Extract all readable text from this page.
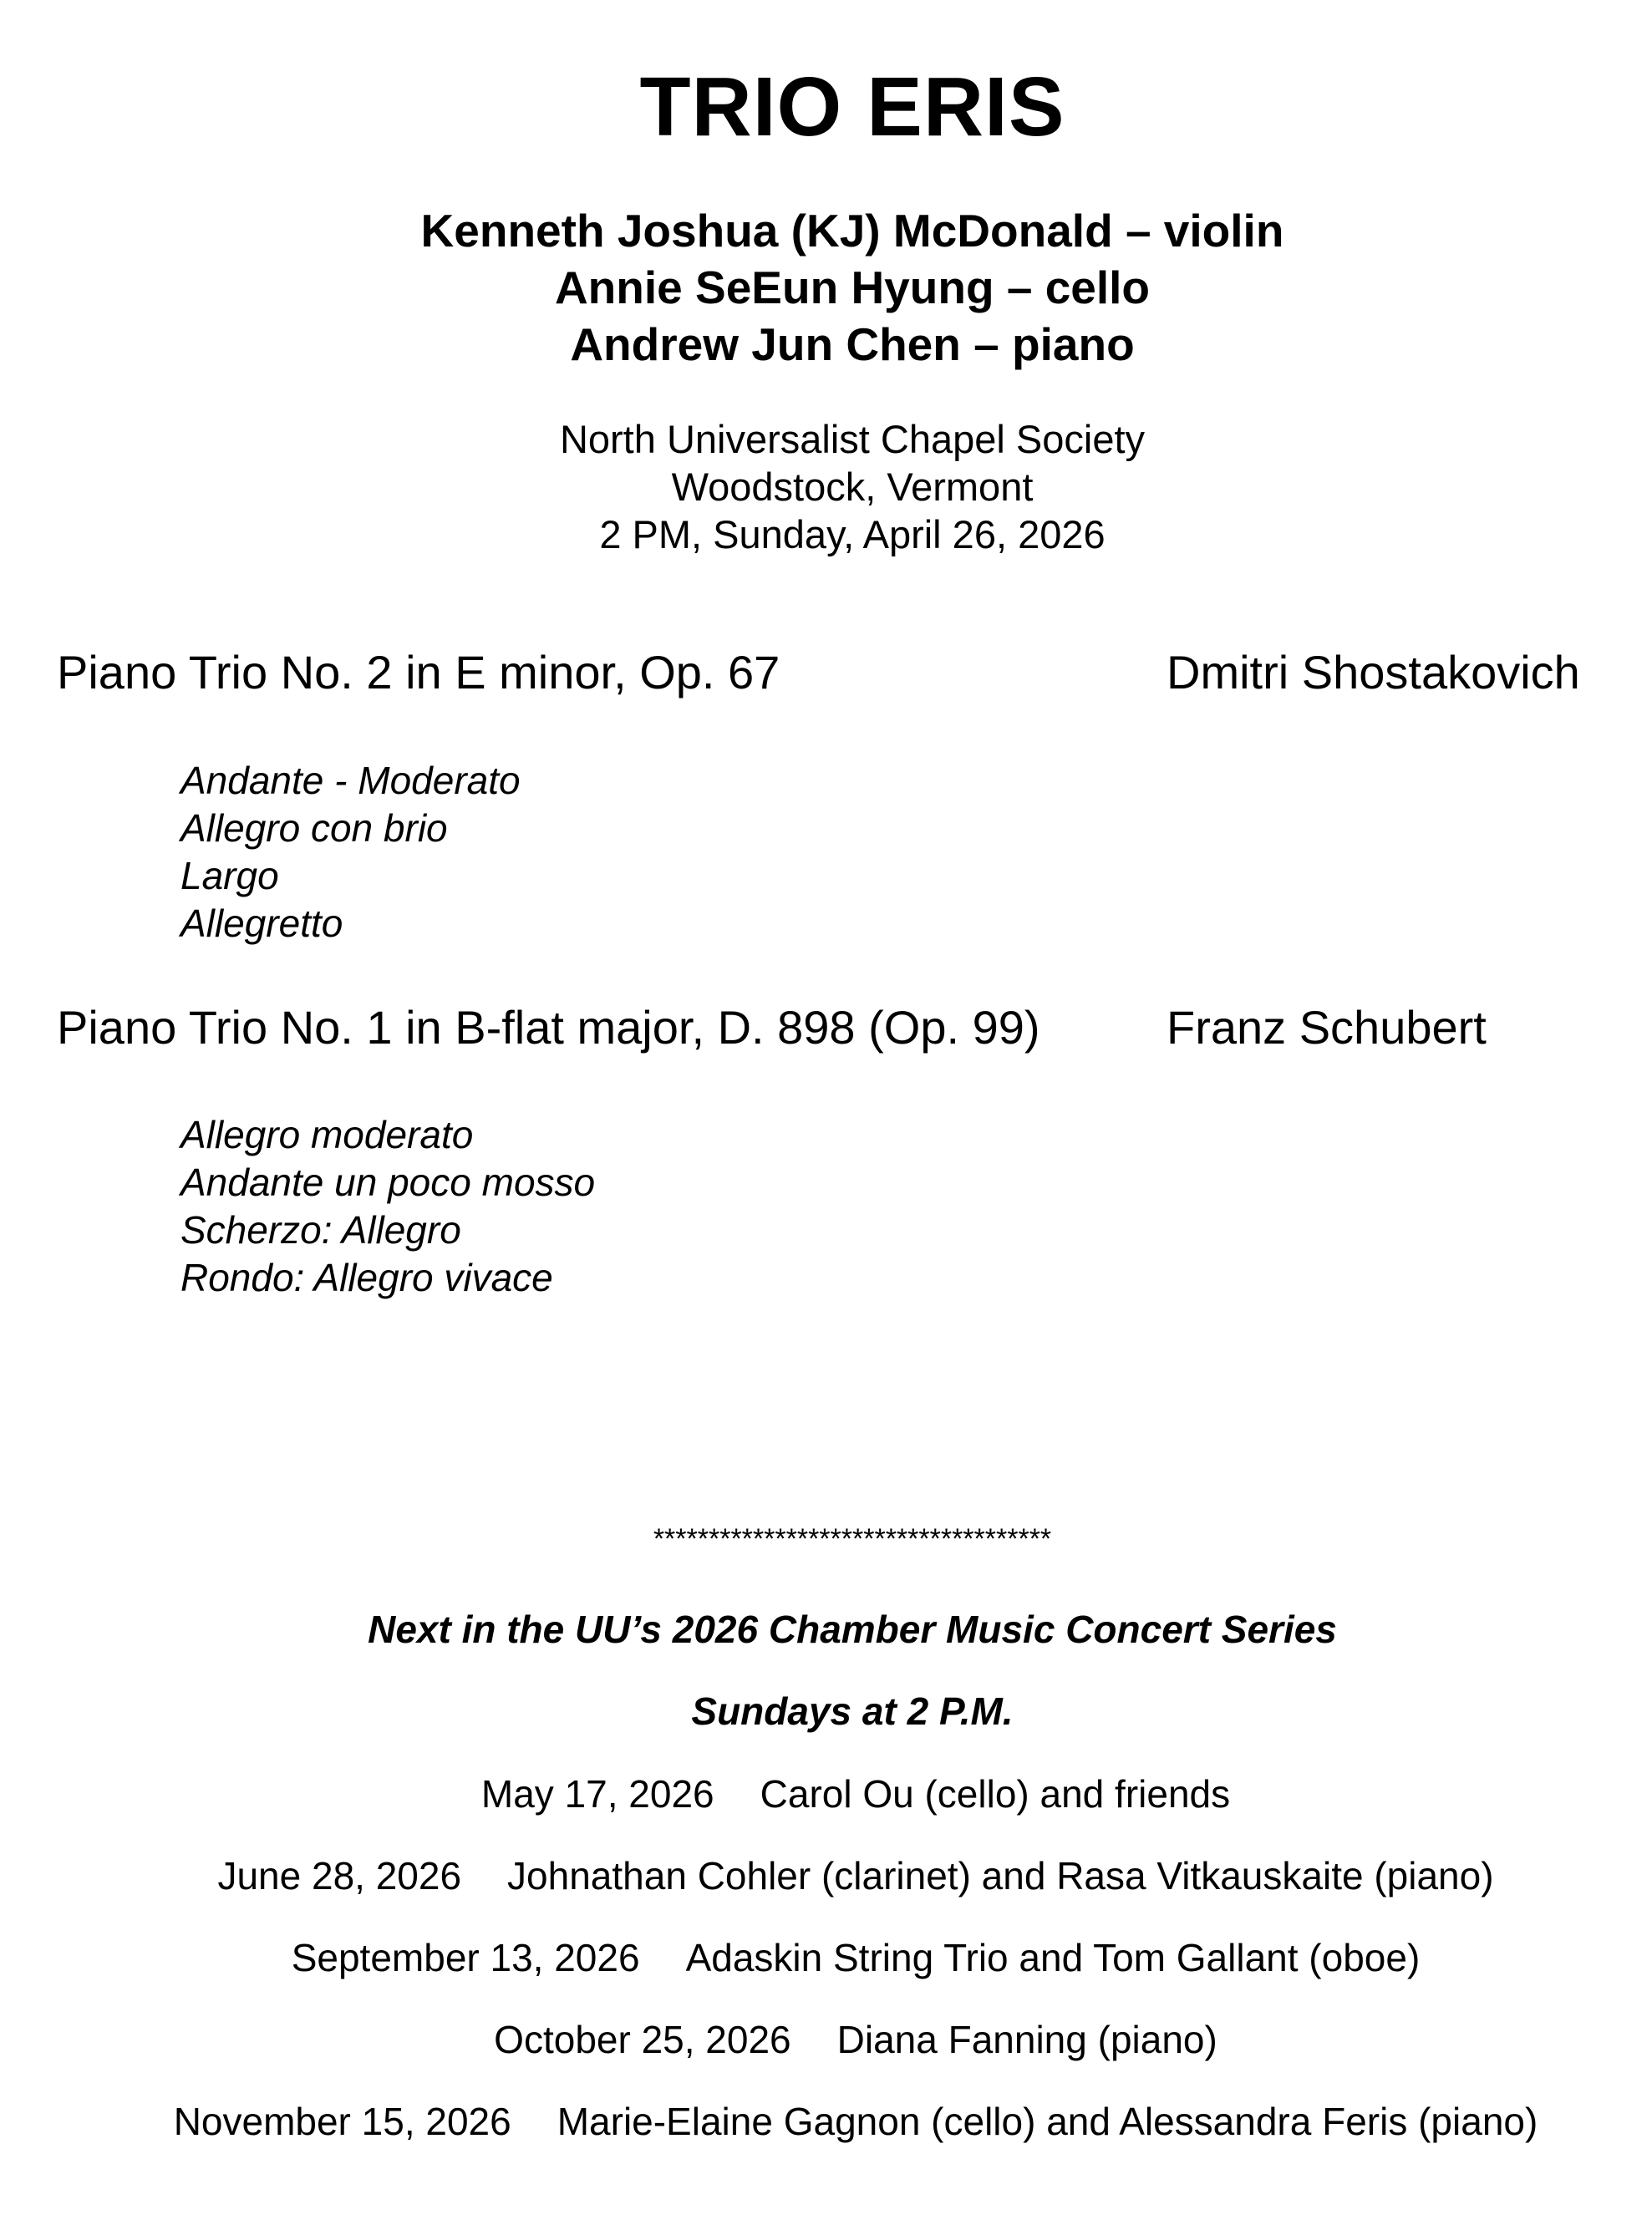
TRIO ERIS
Kenneth Joshua (KJ) McDonald – violin
Annie SeEun Hyung – cello
Andrew Jun Chen – piano
North Universalist Chapel Society
Woodstock, Vermont
2 PM, Sunday, April 26, 2026
Piano Trio No. 2 in E minor, Op. 67	Dmitri Shostakovich
Andante - Moderato
Allegro con brio
Largo
Allegretto
Piano Trio No. 1 in B-flat major, D. 898 (Op. 99)	Franz Schubert
Allegro moderato
Andante un poco mosso
Scherzo: Allegro
Rondo: Allegro vivace
************************************
Next in the UU’s 2026 Chamber Music Concert Series
Sundays at 2 P.M.
May 17, 2026 Carol Ou (cello) and friends
June 28, 2026 Johnathan Cohler (clarinet) and Rasa Vitkauskaite (piano)
September 13, 2026 Adaskin String Trio and Tom Gallant (oboe)
October 25, 2026 Diana Fanning (piano)
November 15, 2026 Marie-Elaine Gagnon (cello) and Alessandra Feris (piano)
